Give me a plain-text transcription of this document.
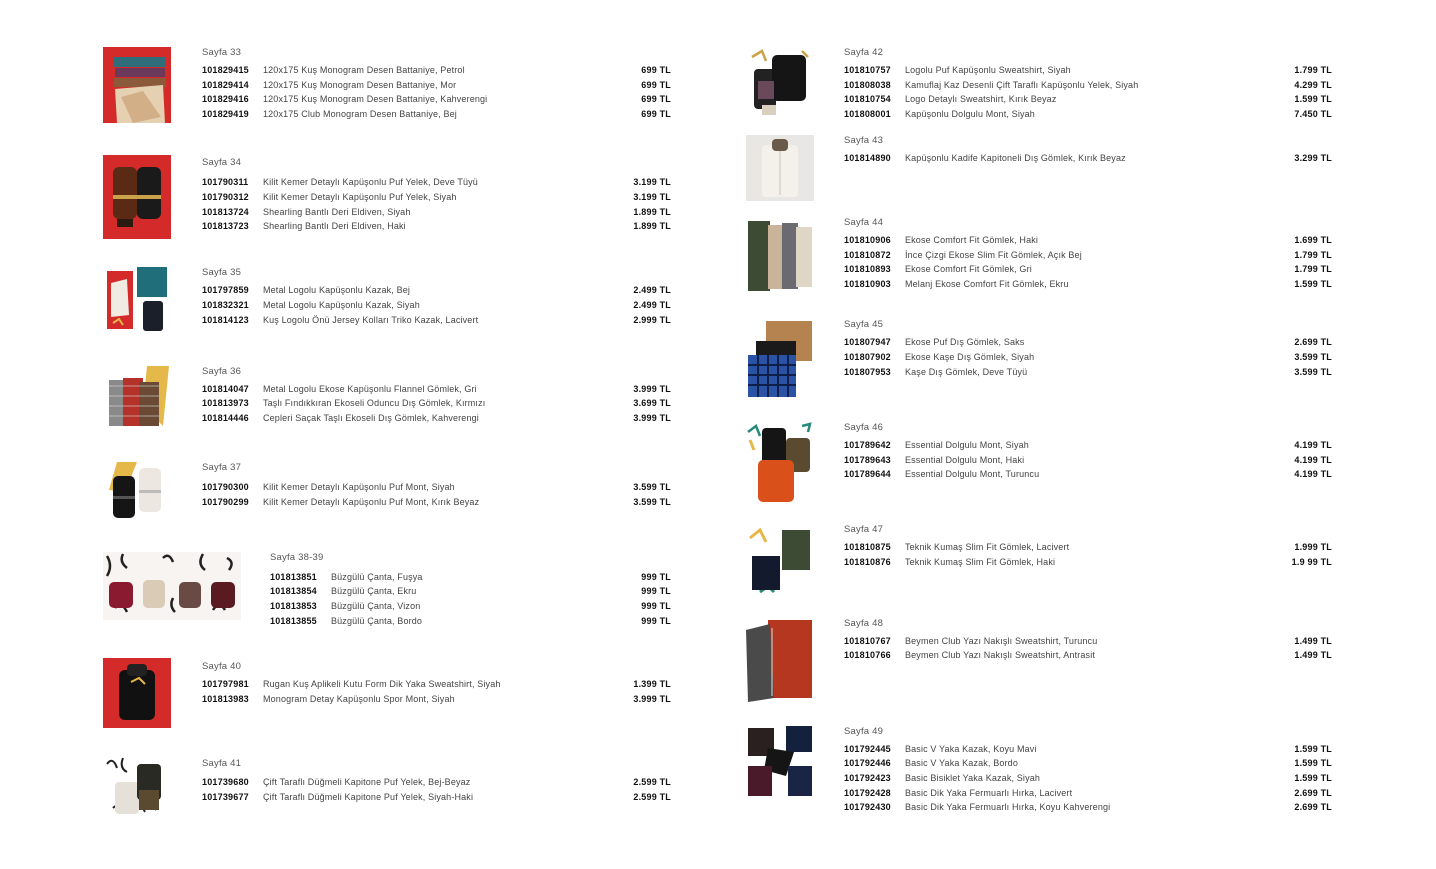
Sayfa 33
101829415 120x175 Kuş Monogram Desen Battaniye, Petrol	699 TL
101829414 120x175 Kuş Monogram Desen Battaniye, Mor	699 TL
101829416 120x175 Kuş Monogram Desen Battaniye, Kahverengi	699 TL
101829419 120x175 Club Monogram Desen Battaniye, Bej	699 TL
Sayfa 34
101790311 Kilit Kemer Detaylı Kapüşonlu Puf Yelek, Deve Tüyü	3.199 TL
101790312 Kilit Kemer Detaylı Kapüşonlu Puf Yelek, Siyah	3.199 TL
101813724 Shearling Bantlı Deri Eldiven, Siyah	1.899 TL
101813723 Shearling Bantlı Deri Eldiven, Haki	1.899 TL
Sayfa 35
101797859 Metal Logolu Kapüşonlu Kazak, Bej	2.499 TL
101832321 Metal Logolu Kapüşonlu Kazak, Siyah	2.499 TL
101814123 Kuş Logolu Önü Jersey Kolları Triko Kazak, Lacivert	2.999 TL
Sayfa 36
101814047 Metal Logolu Ekose Kapüşonlu Flannel Gömlek, Gri	3.999 TL
101813973 Taşlı Fındıkkıran Ekoseli Oduncu Dış Gömlek, Kırmızı	3.699 TL
101814446 Cepleri Saçak Taşlı Ekoseli Dış Gömlek, Kahverengi	3.999 TL
Sayfa 37
101790300 Kilit Kemer Detaylı Kapüşonlu Puf Mont, Siyah	3.599 TL
101790299 Kilit Kemer Detaylı Kapüşonlu Puf Mont, Kırık Beyaz	3.599 TL
Sayfa 38-39
101813851 Büzgülü Çanta, Fuşya	999 TL
101813854 Büzgülü Çanta, Ekru	999 TL
101813853 Büzgülü Çanta, Vizon	999 TL
101813855 Büzgülü Çanta, Bordo	999 TL
Sayfa 40
101797981 Rugan Kuş Aplikeli Kutu Form Dik Yaka Sweatshirt, Siyah	1.399 TL
101813983 Monogram Detay Kapüşonlu Spor Mont, Siyah	3.999 TL
Sayfa 41
101739680 Çift Taraflı Düğmeli Kapitone Puf Yelek, Bej-Beyaz	2.599 TL
101739677 Çift Taraflı Düğmeli Kapitone Puf Yelek, Siyah-Haki	2.599 TL
Sayfa 42
101810757 Logolu Puf Kapüşonlu Sweatshirt, Siyah	1.799 TL
101808038 Kamuflaj Kaz Desenli Çift Taraflı Kapüşonlu Yelek, Siyah	4.299 TL
101810754 Logo Detaylı Sweatshirt, Kırık Beyaz	1.599 TL
101808001 Kapüşonlu Dolgulu Mont, Siyah	7.450 TL
Sayfa 43
101814890 Kapüşonlu Kadife Kapitoneli Dış Gömlek, Kırık Beyaz	3.299 TL
Sayfa 44
101810906 Ekose Comfort Fit Gömlek, Haki	1.699 TL
101810872 İnce Çizgi Ekose Slim Fit Gömlek, Açık Bej	1.799 TL
101810893 Ekose Comfort Fit Gömlek, Gri	1.799 TL
101810903 Melanj Ekose Comfort Fit Gömlek, Ekru	1.599 TL
Sayfa 45
101807947 Ekose Puf Dış Gömlek, Saks	2.699 TL
101807902 Ekose Kaşe Dış Gömlek, Siyah	3.599 TL
101807953 Kaşe Dış Gömlek, Deve Tüyü	3.599 TL
Sayfa 46
101789642 Essential Dolgulu Mont, Siyah	4.199 TL
101789643 Essential Dolgulu Mont, Haki	4.199 TL
101789644 Essential Dolgulu Mont, Turuncu	4.199 TL
Sayfa 47
101810875 Teknik Kumaş Slim Fit Gömlek, Lacivert	1.999 TL
101810876 Teknik Kumaş Slim Fit Gömlek, Haki	1.9 99 TL
Sayfa 48
101810767 Beymen Club Yazı Nakışlı Sweatshirt, Turuncu	1.499 TL
101810766 Beymen Club Yazı Nakışlı Sweatshirt, Antrasit	1.499 TL
Sayfa 49
101792445 Basic V Yaka Kazak, Koyu Mavi	1.599 TL
101792446 Basic V Yaka Kazak, Bordo	1.599 TL
101792423 Basic Bisiklet Yaka Kazak, Siyah	1.599 TL
101792428 Basic Dik Yaka Fermuarlı Hırka, Lacivert	2.699 TL
101792430 Basic Dik Yaka Fermuarlı Hırka, Koyu Kahverengi	2.699 TL
